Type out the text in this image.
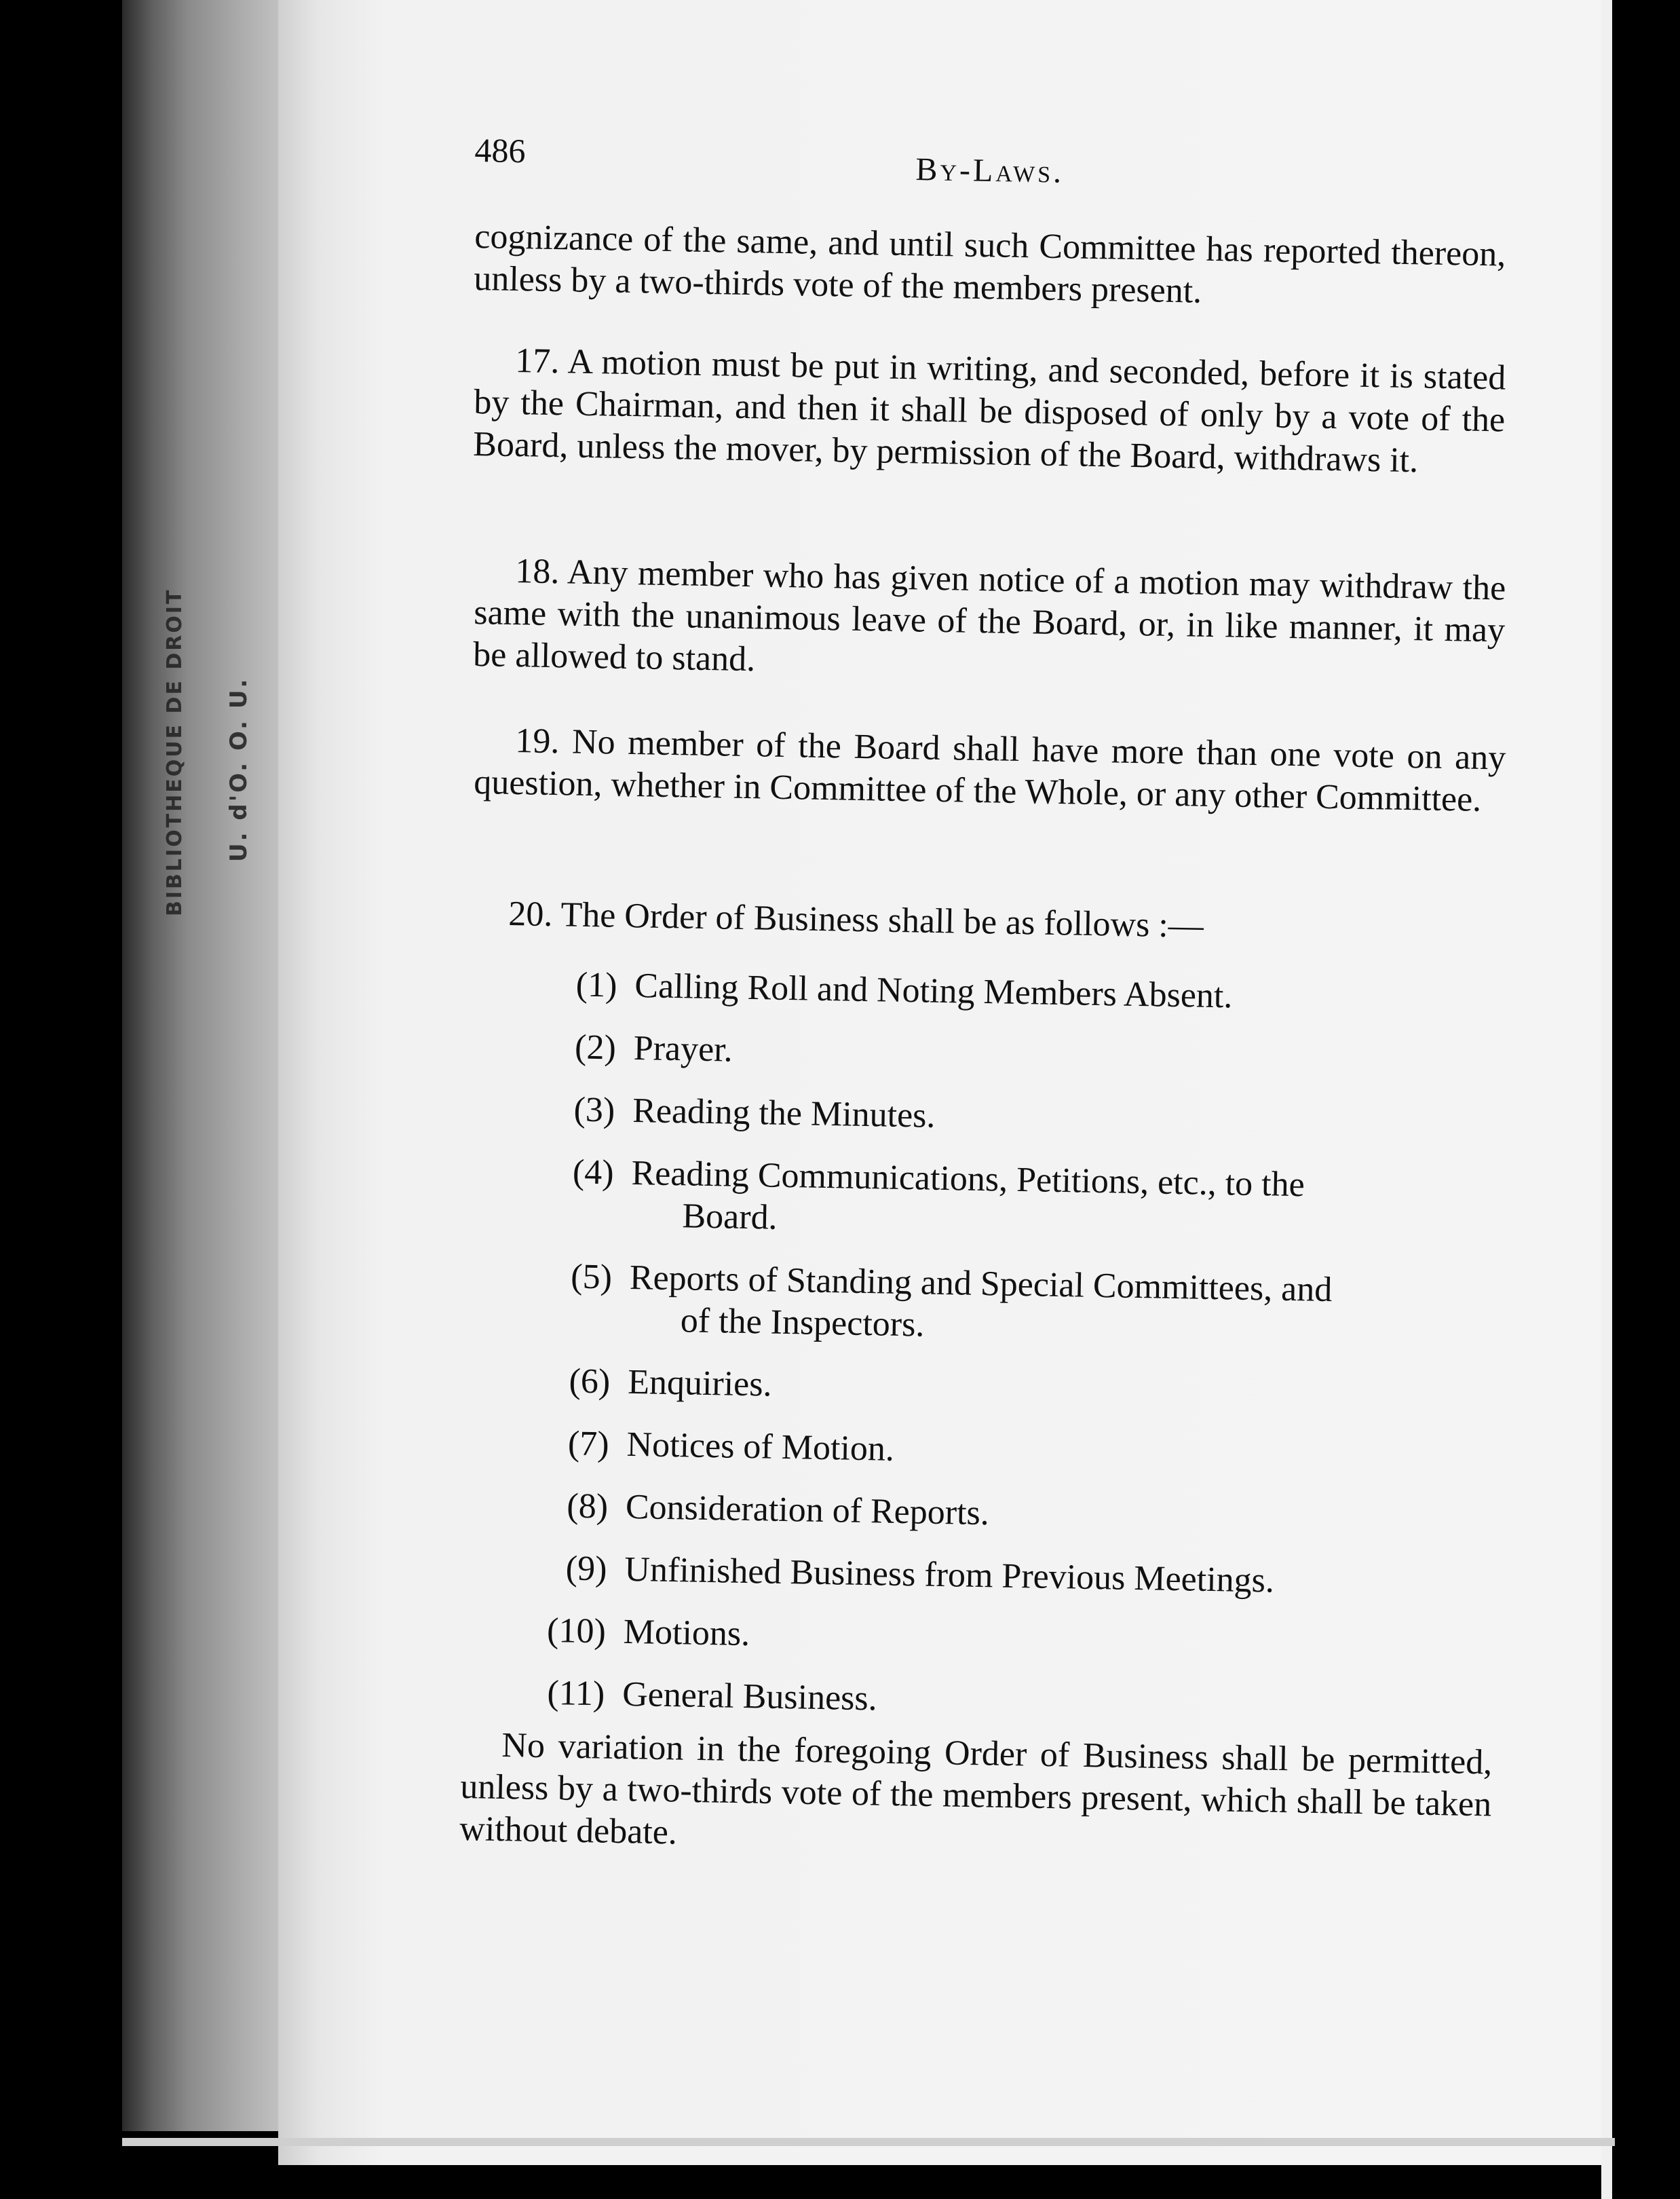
BIBLIOTHEQUE DE DROIT U. d'O. O. U.
486
By-Laws.
cognizance of the same, and until such Committee has reported thereon, unless by a two-thirds vote of the members present.
17. A motion must be put in writing, and seconded, before it is stated by the Chairman, and then it shall be disposed of only by a vote of the Board, unless the mover, by permission of the Board, withdraws it.
18. Any member who has given notice of a motion may withdraw the same with the unanimous leave of the Board, or, in like manner, it may be allowed to stand.
19. No member of the Board shall have more than one vote on any question, whether in Committee of the Whole, or any other Committee.
20. The Order of Business shall be as follows :—
(1) Calling Roll and Noting Members Absent.
(2) Prayer.
(3) Reading the Minutes.
(4) Reading Communications, Petitions, etc., to the
Board.
(5) Reports of Standing and Special Committees, and
of the Inspectors.
(6) Enquiries.
(7) Notices of Motion.
(8) Consideration of Reports.
(9) Unfinished Business from Previous Meetings.
(10) Motions.
(11) General Business.
No variation in the foregoing Order of Business shall be permitted, unless by a two-thirds vote of the members present, which shall be taken without debate.
